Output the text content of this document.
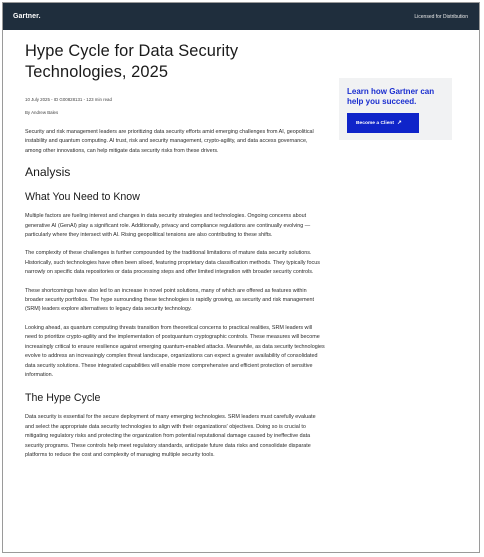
Gartner.	Licensed for Distribution
Hype Cycle for Data Security Technologies, 2025
10 July 2025 - ID G00828131 - 123 min read
By Andrew Bales

Security and risk management leaders are prioritizing data security efforts amid emerging challenges from AI, geopolitical instability and quantum computing. AI trust, risk and security management, crypto-agility, and data access governance, among other innovations, can help mitigate data security risks from these drivers.

Analysis
What You Need to Know

Multiple factors are fueling interest and changes in data security strategies and technologies. Ongoing concerns about generative AI (GenAI) play a significant role. Additionally, privacy and compliance regulations are continually evolving — particularly where they intersect with AI. Rising geopolitical tensions are also contributing to these shifts.

The complexity of these challenges is further compounded by the traditional limitations of mature data security solutions. Historically, such technologies have often been siloed, featuring proprietary data classification methods. They typically focus narrowly on specific data repositories or data processing steps and offer limited integration with broader security controls.

These shortcomings have also led to an increase in novel point solutions, many of which are offered as features within broader security portfolios. The hype surrounding these technologies is rapidly growing, as security and risk management (SRM) leaders explore alternatives to legacy data security technology.

Looking ahead, as quantum computing threats transition from theoretical concerns to practical realities, SRM leaders will need to prioritize crypto-agility and the implementation of postquantum cryptographic controls. These measures will become increasingly critical to ensure resilience against emerging quantum-enabled attacks. Meanwhile, as data security technologies evolve to address an increasingly complex threat landscape, organizations can expect a greater availability of consolidated data security solutions. These integrated capabilities will enable more comprehensive and efficient protection of sensitive information.

The Hype Cycle

Data security is essential for the secure deployment of many emerging technologies. SRM leaders must carefully evaluate and select the appropriate data security technologies to align with their organizations' objectives. Doing so is crucial to mitigating regulatory risks and protecting the organization from potential reputational damage caused by ineffective data security programs. These controls help meet regulatory standards, anticipate future data risks and consolidate disparate platforms to reduce the cost and complexity of managing multiple security tools.

Learn how Gartner can help you succeed.

Become a Client ↗
